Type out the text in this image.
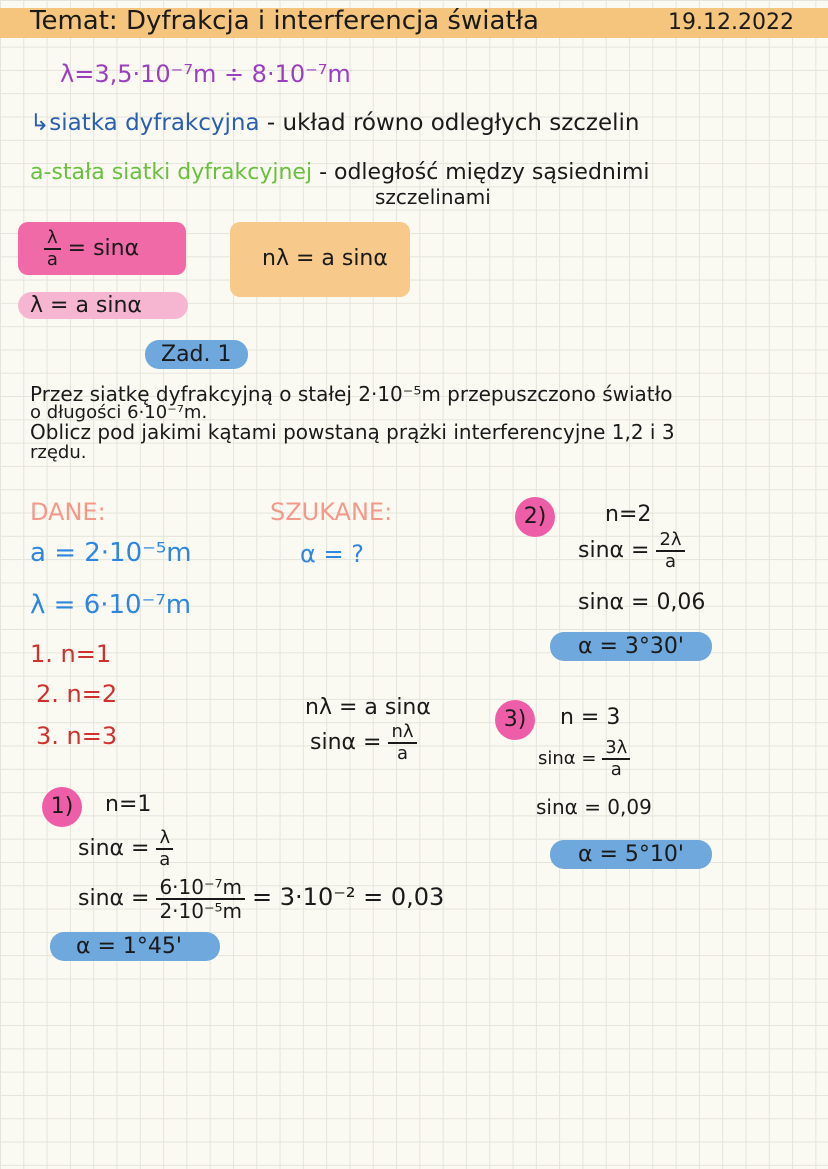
Temat: Dyfrakcja i interferencja światła	19.12.2022
λ=3,5·10⁻⁷m ÷ 8·10⁻⁷m
↳siatka dyfrakcyjna - układ równo odległych szczelin
a-stała siatki dyfrakcyjnej - odległość między sąsiednimi
szczelinami
$\frac{\lambda}{a} = \sin\alpha$
λ = a sinα
nλ = a sinα
Zad. 1
Przez siatkę dyfrakcyjną o stałej 2·10⁻⁵m przepuszczono światło
o długości 6·10⁻⁷m.
Oblicz pod jakimi kątami powstaną prążki interferencyjne 1,2 i 3
rzędu.
DANE:	SZUKANE:
a = 2·10⁻⁵m	α = ?
λ = 6·10⁻⁷m
1. n=1
2. n=2
3. n=3
nλ = a sinα
$\sin\alpha = \frac{n\lambda}{a}$
2)	n=2
$\sin\alpha = \frac{2\lambda}{a}$
sinα = 0,06
α = 3°30'
3)	n = 3
$\sin\alpha = \frac{3\lambda}{a}$
sinα = 0,09
α = 5°10'
1)	n=1
$\sin\alpha = \frac{\lambda}{a}$
$\sin\alpha = \frac{\text{6·10⁻⁷m}}{\text{2·10⁻⁵m}} = 3\cdot 10^{-2} = 0,03$
α = 1°45'
